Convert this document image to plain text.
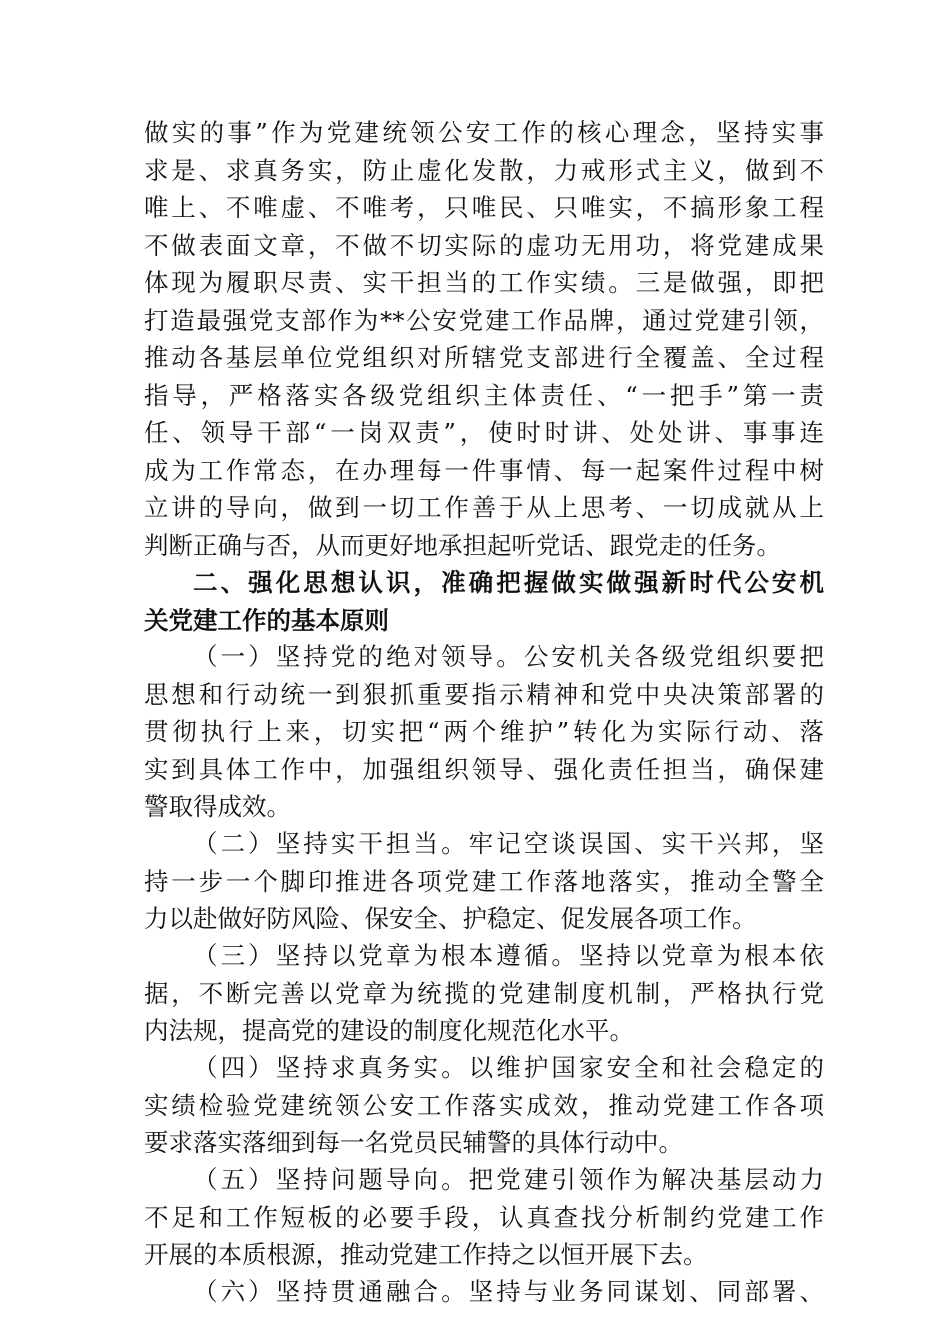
做实的事”作为党建统领公安工作的核心理念，坚持实事
求是、求真务实，防止虚化发散，力戒形式主义，做到不
唯上、不唯虚、不唯考，只唯民、只唯实，不搞形象工程
不做表面文章，不做不切实际的虚功无用功，将党建成果
体现为履职尽责、实干担当的工作实绩。三是做强，即把
打造最强党支部作为**公安党建工作品牌，通过党建引领，
推动各基层单位党组织对所辖党支部进行全覆盖、全过程
指导，严格落实各级党组织主体责任、“一把手”第一责
任、领导干部“一岗双责”，使时时讲、处处讲、事事连
成为工作常态，在办理每一件事情、每一起案件过程中树
立讲的导向，做到一切工作善于从上思考、一切成就从上
判断正确与否，从而更好地承担起听党话、跟党走的任务。
二、强化思想认识，准确把握做实做强新时代公安机
关党建工作的基本原则
（一）坚持党的绝对领导。公安机关各级党组织要把
思想和行动统一到狠抓重要指示精神和党中央决策部署的
贯彻执行上来，切实把“两个维护”转化为实际行动、落
实到具体工作中，加强组织领导、强化责任担当，确保建
警取得成效。
（二）坚持实干担当。牢记空谈误国、实干兴邦，坚
持一步一个脚印推进各项党建工作落地落实，推动全警全
力以赴做好防风险、保安全、护稳定、促发展各项工作。
（三）坚持以党章为根本遵循。坚持以党章为根本依
据，不断完善以党章为统揽的党建制度机制，严格执行党
内法规，提高党的建设的制度化规范化水平。
（四）坚持求真务实。以维护国家安全和社会稳定的
实绩检验党建统领公安工作落实成效，推动党建工作各项
要求落实落细到每一名党员民辅警的具体行动中。
（五）坚持问题导向。把党建引领作为解决基层动力
不足和工作短板的必要手段，认真查找分析制约党建工作
开展的本质根源，推动党建工作持之以恒开展下去。
（六）坚持贯通融合。坚持与业务同谋划、同部署、
